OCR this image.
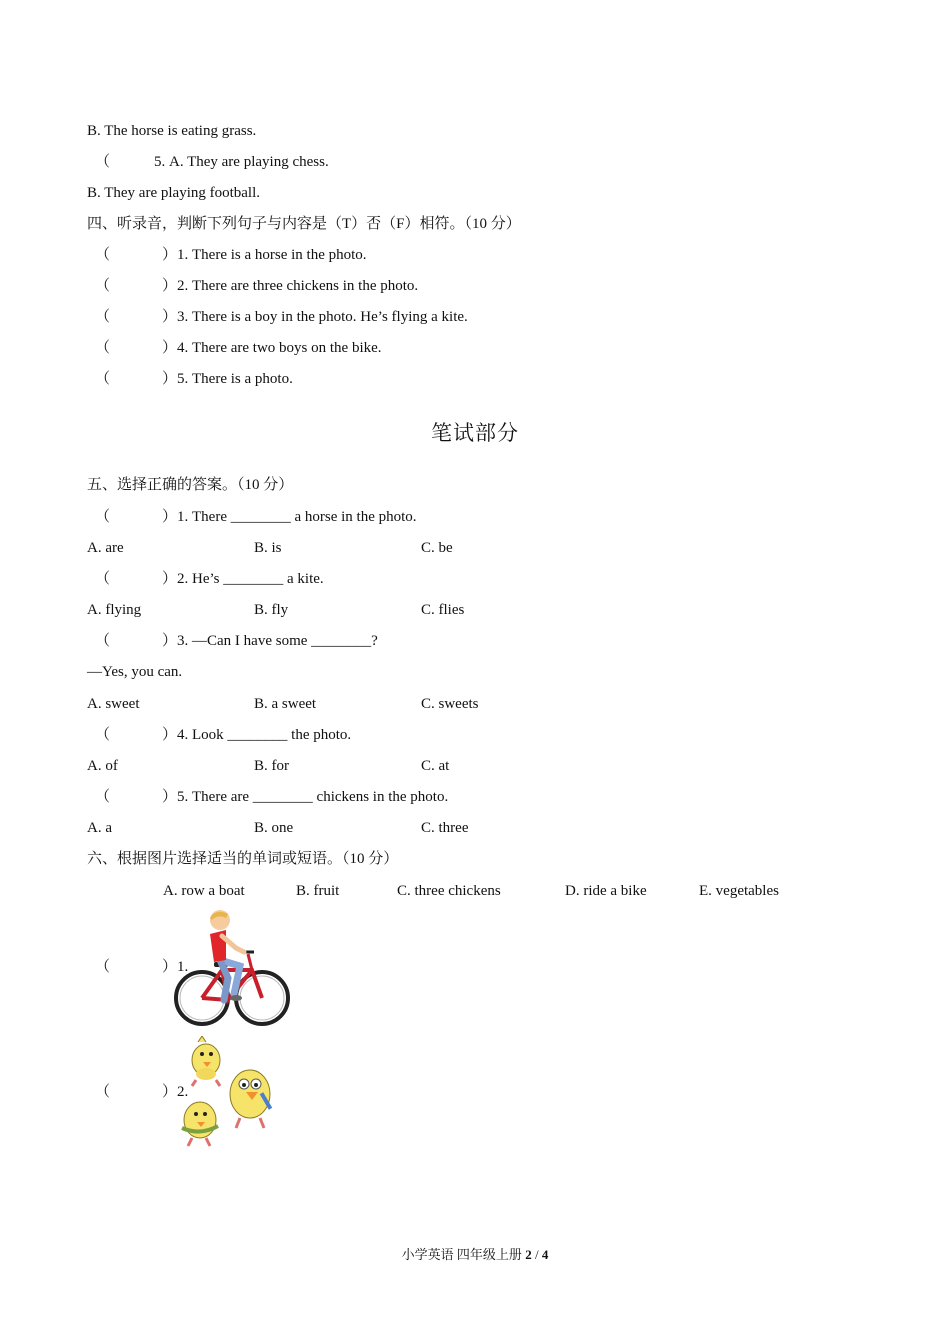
B. The horse is eating grass.
（	5. A. They are playing chess.
B. They are playing football.
四、听录音，判断下列句子与内容是（T）否（F）相符。（10 分）
（	）1. There is a horse in the photo.
（	）2. There are three chickens in the photo.
（	）3. There is a boy in the photo. He’s flying a kite.
（	）4. There are two boys on the bike.
（	）5. There is a photo.
笔试部分
五、选择正确的答案。（10 分）
（	）1. There ________ a horse in the photo.
A. are	B. is	C. be
（	）2. He’s ________ a kite.
A. flying	B. fly	C. flies
（	）3. —Can I have some ________?
—Yes, you can.
A. sweet	B. a sweet	C. sweets
（	）4. Look ________ the photo.
A. of	B. for	C. at
（	）5. There are ________ chickens in the photo.
A. a	B. one	C. three
六、根据图片选择适当的单词或短语。（10 分）
A. row a boat	B. fruit	C. three chickens	D. ride a bike	E. vegetables
（	）1.
（	）2.
小学英语 四年级上册 2 / 4
